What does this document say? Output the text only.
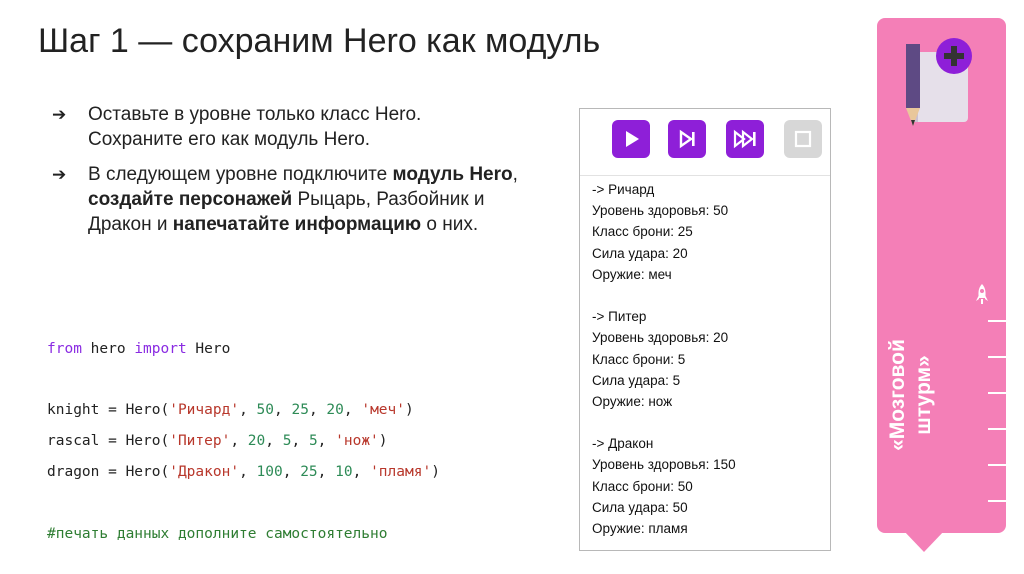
Шаг 1 — сохраним Hero как модуль
➔	Оставьте в уровне только класс Hero.
Сохраните его как модуль Hero.
➔	В следующем уровне подключите модуль Hero, создайте персонажей Рыцарь, Разбойник и Дракон и напечатайте информацию о них.
from hero import Hero
knight = Hero('Ричард', 50, 25, 20, 'меч')
rascal = Hero('Питер', 20, 5, 5, 'нож')
dragon = Hero('Дракон', 100, 25, 10, 'пламя')
#печать данных дополните самостоятельно
-> Ричард
Уровень здоровья: 50
Класс брони: 25
Сила удара: 20
Оружие: меч
-> Питер
Уровень здоровья: 20
Класс брони: 5
Сила удара: 5
Оружие: нож
-> Дракон
Уровень здоровья: 150
Класс брони: 50
Сила удара: 50
Оружие: пламя
«Мозговой штурм»
